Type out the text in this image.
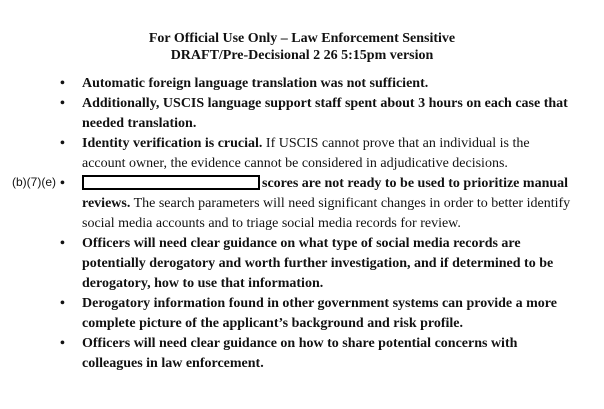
For Official Use Only – Law Enforcement Sensitive
DRAFT/Pre-Decisional 2 26 5:15pm version
(b)(7)(e)
• Automatic foreign language translation was not sufficient.
• Additionally, USCIS language support staff spent about 3 hours on each case that needed translation.
• Identity verification is crucial. If USCIS cannot prove that an individual is the account owner, the evidence cannot be considered in adjudicative decisions.
•	scores are not ready to be used to prioritize manual reviews. The search parameters will need significant changes in order to better identify social media accounts and to triage social media records for review.
• Officers will need clear guidance on what type of social media records are potentially derogatory and worth further investigation, and if determined to be derogatory, how to use that information.
• Derogatory information found in other government systems can provide a more complete picture of the applicant’s background and risk profile.
• Officers will need clear guidance on how to share potential concerns with colleagues in law enforcement.
